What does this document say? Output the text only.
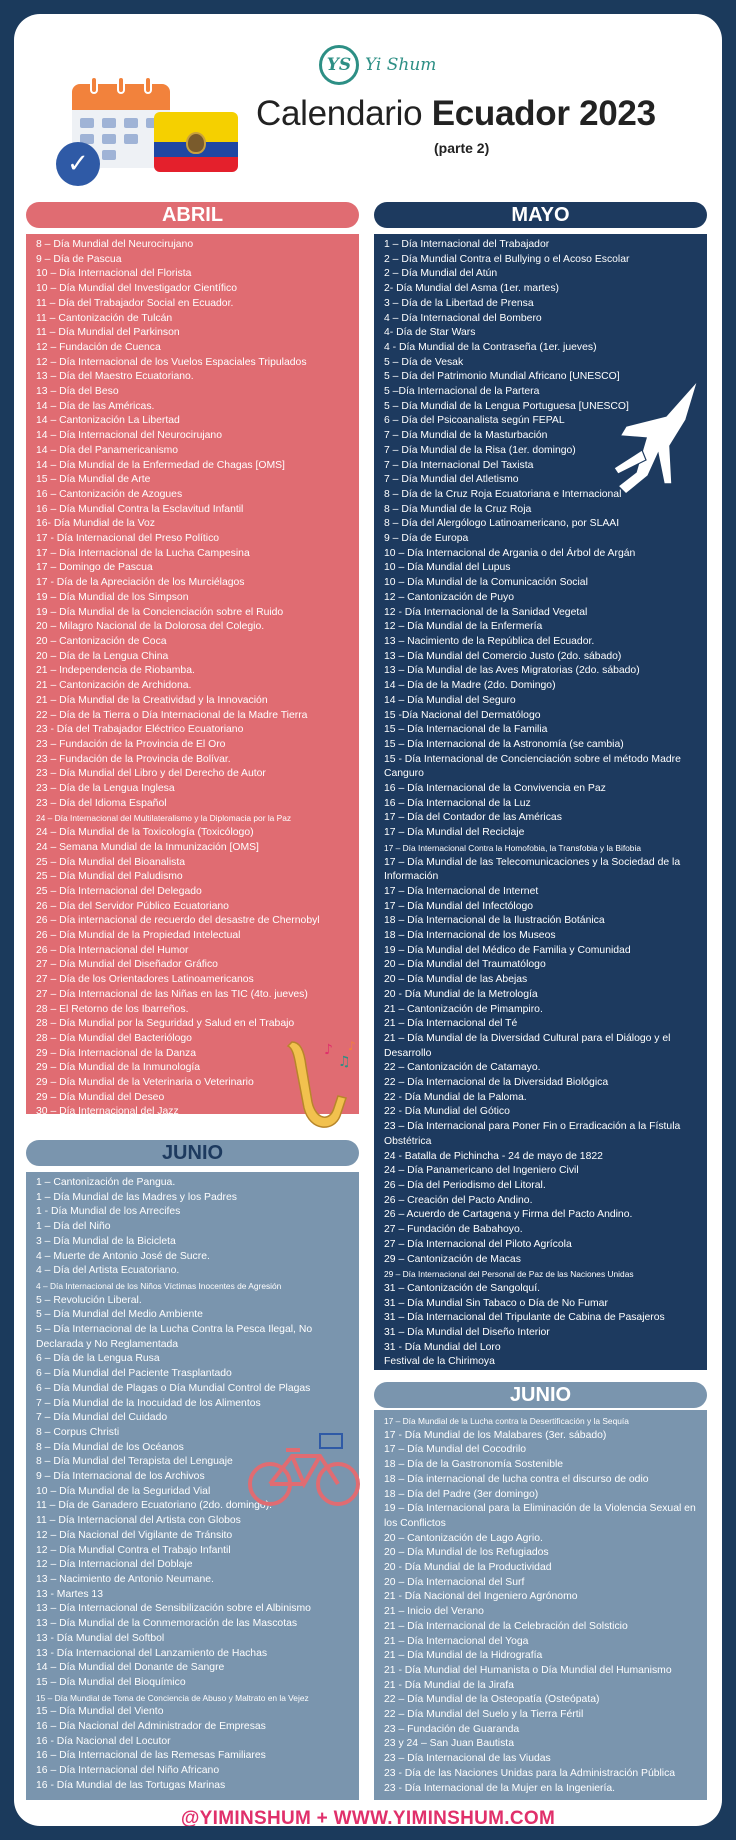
YS Yi Shum
✓
Calendario Ecuador 2023
(parte 2)
ABRIL
8 – Día Mundial del Neurocirujano
9 – Día de Pascua
10 – Día Internacional del Florista
10 – Día Mundial del Investigador Científico
11 – Día del Trabajador Social en Ecuador.
11 – Cantonización de Tulcán
11 – Día Mundial del Parkinson
12 – Fundación de Cuenca
12 – Día Internacional de los Vuelos Espaciales Tripulados
13 – Día del Maestro Ecuatoriano.
13 – Día del Beso
14 – Día de las Américas.
14 – Cantonización La Libertad
14 – Día Internacional del Neurocirujano
14 – Día del Panamericanismo
14 – Día Mundial de la Enfermedad de Chagas [OMS]
15 – Día Mundial de Arte
16 – Cantonización de Azogues
16 – Día Mundial Contra la Esclavitud Infantil
16- Día Mundial de la Voz
17 - Día Internacional del Preso Político
17 – Día Internacional de la Lucha Campesina
17 – Domingo de Pascua
17 - Día de la Apreciación de los Murciélagos
19 – Día Mundial de los Simpson
19 – Día Mundial de la Concienciación sobre el Ruido
20 – Milagro Nacional de la Dolorosa del Colegio.
20 – Cantonización de Coca
20 – Día de la Lengua China
21 – Independencia de Riobamba.
21 – Cantonización de Archidona.
21 – Día Mundial de la Creatividad y la Innovación
22 – Día de la Tierra o Día Internacional de la Madre Tierra
23 - Día del Trabajador Eléctrico Ecuatoriano
23 – Fundación de la Provincia de El Oro
23 – Fundación de la Provincia de Bolívar.
23 – Día Mundial del Libro y del Derecho de Autor
23 – Día de la Lengua Inglesa
23 – Día del Idioma Español
24 – Día Internacional del Multilateralismo y la Diplomacia por la Paz
24 – Día Mundial de la Toxicología (Toxicólogo)
24 – Semana Mundial de la Inmunización [OMS]
25 – Día Mundial del Bioanalista
25 – Día Mundial del Paludismo
25 – Día Internacional del Delegado
26 – Día del Servidor Público Ecuatoriano
26 – Día internacional de recuerdo del desastre de Chernobyl
26 – Día Mundial de la Propiedad Intelectual
26 – Día Internacional del Humor
27 – Día Mundial del Diseñador Gráfico
27 – Día de los Orientadores Latinoamericanos
27 – Día Internacional de las Niñas en las TIC (4to. jueves)
28 – El Retorno de los Ibarreños.
28 – Día Mundial por la Seguridad y Salud en el Trabajo
28 – Día Mundial del Bacteriólogo
29 – Día Internacional de la Danza
29 – Día Mundial de la Inmunología
29 – Día Mundial de la Veterinaria o Veterinario
29 – Día Mundial del Deseo
30 – Día Internacional del Jazz
Fiesta Kasama
MAYO
1 – Día Internacional del Trabajador
2 – Día Mundial Contra el Bullying o el Acoso Escolar
2 – Día Mundial del Atún
2- Día Mundial del Asma (1er. martes)
3 – Día de la Libertad de Prensa
4 – Día Internacional del Bombero
4- Día de Star Wars
4 - Día Mundial de la Contraseña (1er. jueves)
5 – Día de Vesak
5 – Día del Patrimonio Mundial Africano [UNESCO]
5 –Día Internacional de la Partera
5 – Día Mundial de la Lengua Portuguesa [UNESCO]
6 – Día del Psicoanalista según FEPAL
7 – Día Mundial de la Masturbación
7 – Día Mundial de la Risa (1er. domingo)
7 – Día Internacional Del Taxista
7 – Día Mundial del Atletismo
8 – Día de la Cruz Roja Ecuatoriana e Internacional
8 – Día Mundial de la Cruz Roja
8 – Día del Alergólogo Latinoamericano, por SLAAI
9 – Día de Europa
10 – Día Internacional de Argania o del Árbol de Argán
10 – Día Mundial del Lupus
10 – Día Mundial de la Comunicación Social
12 – Cantonización de Puyo
12 - Día Internacional de la Sanidad Vegetal
12 – Día Mundial de la Enfermería
13 – Nacimiento de la República del Ecuador.
13 – Día Mundial del Comercio Justo (2do. sábado)
13 – Día Mundial de las Aves Migratorias (2do. sábado)
14 – Día de la Madre (2do. Domingo)
14 – Día Mundial del Seguro
15 -Día Nacional del Dermatólogo
15 – Día Internacional de la Familia
15 – Día Internacional de la Astronomía (se cambia)
15 - Día Internacional de Concienciación sobre el método Madre Canguro
16 – Día Internacional de la Convivencia en Paz
16 – Día Internacional de la Luz
17 – Día del Contador de las Américas
17 – Día Mundial del Reciclaje
17 – Día Internacional Contra la Homofobia, la Transfobia y la Bifobia
17 – Día Mundial de las Telecomunicaciones y la Sociedad de la Información
17 – Día Internacional de Internet
17 – Día Mundial del Infectólogo
18 – Día Internacional de la Ilustración Botánica
18 – Día Internacional de los Museos
19 – Día Mundial del Médico de Familia y Comunidad
20 – Día Mundial del Traumatólogo
20 – Día Mundial de las Abejas
20 - Día Mundial de la Metrología
21 – Cantonización de Pimampiro.
21 – Día Internacional del Té
21 – Día Mundial de la Diversidad Cultural para el Diálogo y el Desarrollo
22 – Cantonización de Catamayo.
22 – Día Internacional de la Diversidad Biológica
22 - Día Mundial de la Paloma.
22 - Día Mundial del Gótico
23 – Día Internacional para Poner Fin o Erradicación a la Fístula Obstétrica
24 - Batalla de Pichincha - 24 de mayo de 1822
24 – Día Panamericano del Ingeniero Civil
26 – Día del Periodismo del Litoral.
26 – Creación del Pacto Andino.
26 – Acuerdo de Cartagena y Firma del Pacto Andino.
27 – Fundación de Babahoyo.
27 – Día Internacional del Piloto Agrícola
29 – Cantonización de Macas
29 – Día Internacional del Personal de Paz de las Naciones Unidas
31 – Cantonización de Sangolquí.
31 – Día Mundial Sin Tabaco o Día de No Fumar
31 – Día Internacional del Tripulante de Cabina de Pasajeros
31 – Día Mundial del Diseño Interior
31 - Día Mundial del Loro
Festival de la Chirimoya
JUNIO
1 – Cantonización de Pangua.
1 – Día Mundial de las Madres y los Padres
1 - Día Mundial de los Arrecifes
1 – Día del Niño
3 – Día Mundial de la Bicicleta
4 – Muerte de Antonio José de Sucre.
4 – Día del Artista Ecuatoriano.
4 – Día Internacional de los Niños Víctimas Inocentes de Agresión
5 – Revolución Liberal.
5 – Día Mundial del Medio Ambiente
5 – Día Internacional de la Lucha Contra la Pesca Ilegal, No Declarada y No Reglamentada
6 – Día de la Lengua Rusa
6 – Día Mundial del Paciente Trasplantado
6 – Día Mundial de Plagas o Día Mundial Control de Plagas
7 – Día Mundial de la Inocuidad de los Alimentos
7 – Día Mundial del Cuidado
8 – Corpus Christi
8 – Día Mundial de los Océanos
8 – Día Mundial del Terapista del Lenguaje
9 – Día Internacional de los Archivos
10 – Día Mundial de la Seguridad Vial
11 – Día de Ganadero Ecuatoriano (2do. domingo).
11 – Día Internacional del Artista con Globos
12 – Día Nacional del Vigilante de Tránsito
12 – Día Mundial Contra el Trabajo Infantil
12 – Día Internacional del Doblaje
13 – Nacimiento de Antonio Neumane.
13 - Martes 13
13 – Día Internacional de Sensibilización sobre el Albinismo
13 – Día Mundial de la Conmemoración de las Mascotas
13 - Día Mundial del Softbol
13 - Día Internacional del Lanzamiento de Hachas
14 – Día Mundial del Donante de Sangre
15 – Día Mundial del Bioquímico
15 – Día Mundial de Toma de Conciencia de Abuso y Maltrato en la Vejez
15 – Día Mundial del Viento
16 – Día Nacional del Administrador de Empresas
16 - Día Nacional del Locutor
16 – Día Internacional de las Remesas Familiares
16 – Día Internacional del Niño Africano
16 - Día Mundial de las Tortugas Marinas
JUNIO
17 – Día Mundial de la Lucha contra la Desertificación y la Sequía
17 - Día Mundial de los Malabares (3er. sábado)
17 – Día Mundial del Cocodrilo
18 – Día de la Gastronomía Sostenible
18 – Día internacional de lucha contra el discurso de odio
18 – Día del Padre (3er domingo)
19 – Día Internacional para la Eliminación de la Violencia Sexual en los Conflictos
20 – Cantonización de Lago Agrio.
20 – Día Mundial de los Refugiados
20 - Día Mundial de la Productividad
20 – Día Internacional del Surf
21 - Día Nacional del Ingeniero Agrónomo
21 – Inicio del Verano
21 – Día Internacional de la Celebración del Solsticio
21 – Día Internacional del Yoga
21 – Día Mundial de la Hidrografía
21 - Día Mundial del Humanista o Día Mundial del Humanismo
21 - Día Mundial de la Jirafa
22 – Día Mundial de la Osteopatía (Osteópata)
22 – Día Mundial del Suelo y la Tierra Fértil
23 – Fundación de Guaranda
23 y 24 – San Juan Bautista
23 – Día Internacional de las Viudas
23 - Día de las Naciones Unidas para la Administración Pública
23 - Día Internacional de la Mujer en la Ingeniería.
♪
♫
♪
@YIMINSHUM + WWW.YIMINSHUM.COM
